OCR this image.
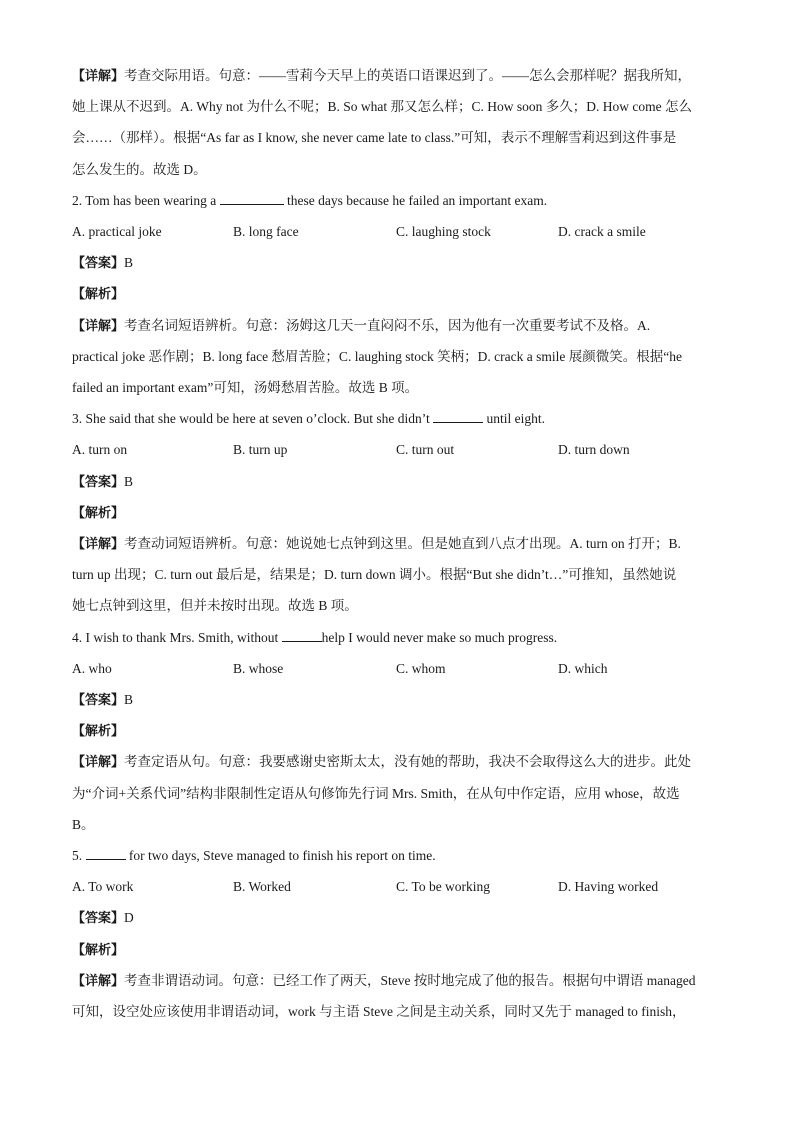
【详解】考查交际用语。句意：——雪莉今天早上的英语口语课迟到了。——怎么会那样呢？据我所知，
她上课从不迟到。A. Why not 为什么不呢；B. So what 那又怎么样；C. How soon 多久；D. How come 怎么
会……（那样）。根据“As far as I know, she never came late to class.”可知，表示不理解雪莉迟到这件事是
怎么发生的。故选 D。
2. Tom has been wearing a	these days because he failed an important exam.
A. practical joke	B. long face	C. laughing stock	D. crack a smile
【答案】B
【解析】
【详解】考查名词短语辨析。句意：汤姆这几天一直闷闷不乐，因为他有一次重要考试不及格。A.
practical joke 恶作剧；B. long face 愁眉苦脸；C. laughing stock 笑柄；D. crack a smile 展颜微笑。根据“he
failed an important exam”可知，汤姆愁眉苦脸。故选 B 项。
3. She said that she would be here at seven o’clock. But she didn’t	until eight.
A. turn on	B. turn up	C. turn out	D. turn down
【答案】B
【解析】
【详解】考查动词短语辨析。句意：她说她七点钟到这里。但是她直到八点才出现。A. turn on 打开；B.
turn up 出现；C. turn out 最后是，结果是；D. turn down 调小。根据“But she didn’t…”可推知，虽然她说
她七点钟到这里，但并未按时出现。故选 B 项。
4. I wish to thank Mrs. Smith, without	help I would never make so much progress.
A. who	B. whose	C. whom	D. which
【答案】B
【解析】
【详解】考查定语从句。句意：我要感谢史密斯太太，没有她的帮助，我决不会取得这么大的进步。此处
为“介词+关系代词”结构非限制性定语从句修饰先行词 Mrs. Smith，在从句中作定语，应用 whose，故选
B。
5.	for two days, Steve managed to finish his report on time.
A. To work	B. Worked	C. To be working	D. Having worked
【答案】D
【解析】
【详解】考查非谓语动词。句意：已经工作了两天，Steve 按时地完成了他的报告。根据句中谓语 managed
可知，设空处应该使用非谓语动词，work 与主语 Steve 之间是主动关系，同时又先于 managed to finish，
